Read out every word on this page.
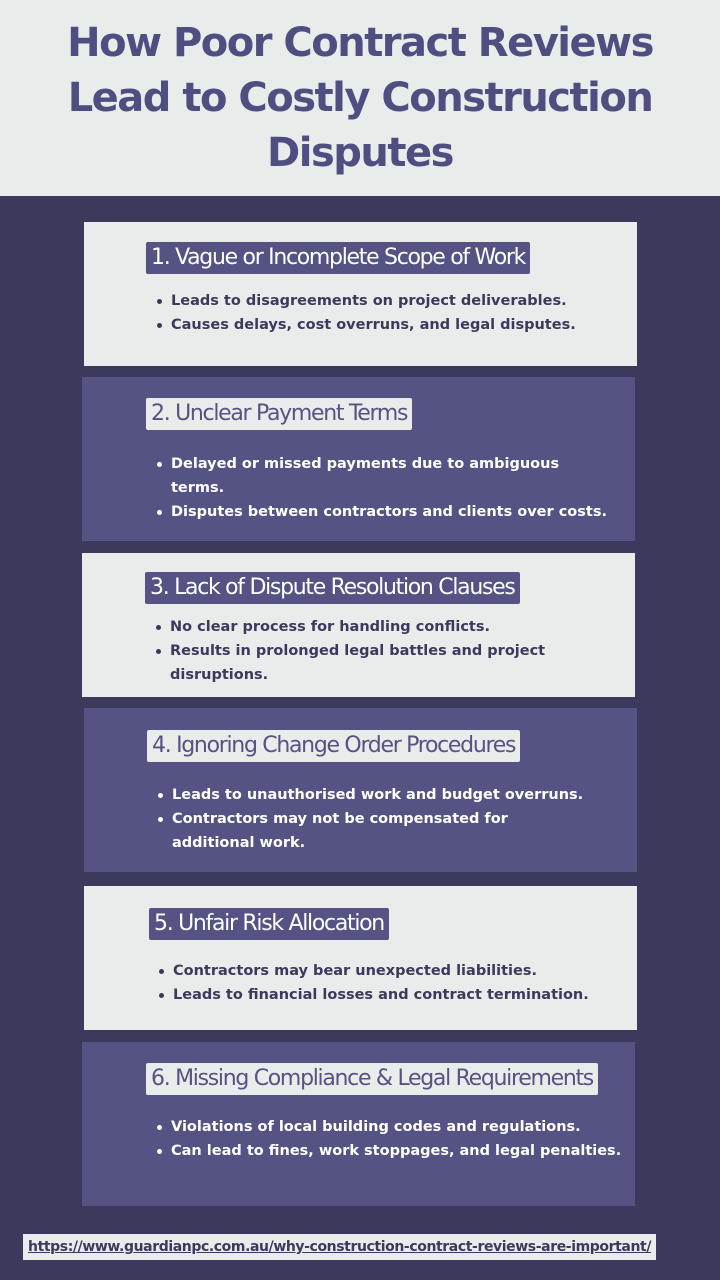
How Poor Contract Reviews Lead to Costly Construction Disputes
1. Vague or Incomplete Scope of Work
Leads to disagreements on project deliverables.
Causes delays, cost overruns, and legal disputes.
2. Unclear Payment Terms
Delayed or missed payments due to ambiguous terms.
Disputes between contractors and clients over costs.
3. Lack of Dispute Resolution Clauses
No clear process for handling conflicts.
Results in prolonged legal battles and project disruptions.
4. Ignoring Change Order Procedures
Leads to unauthorised work and budget overruns.
Contractors may not be compensated for additional work.
5. Unfair Risk Allocation
Contractors may bear unexpected liabilities.
Leads to financial losses and contract termination.
6. Missing Compliance & Legal Requirements
Violations of local building codes and regulations.
Can lead to fines, work stoppages, and legal penalties.
https://www.guardianpc.com.au/why-construction-contract-reviews-are-important/
